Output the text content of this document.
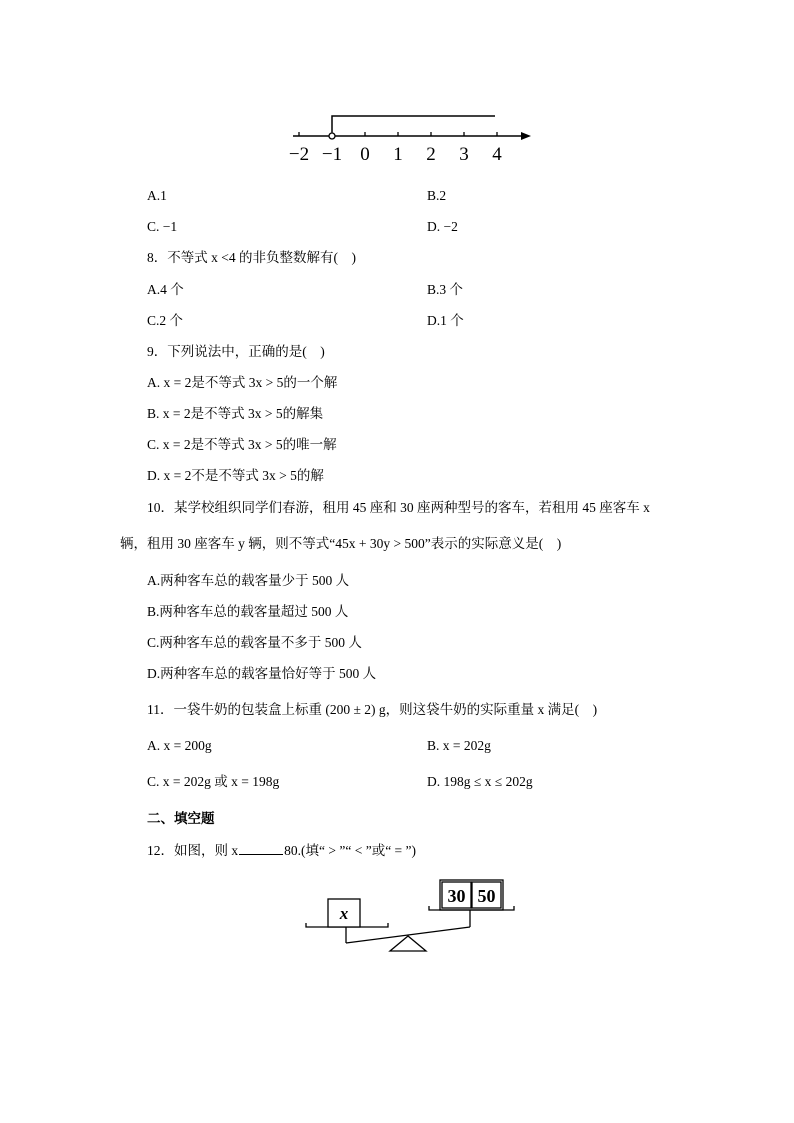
−2 −1 0 1 2 3 4
A.1	B.2
C. −1	D. −2
8．不等式 x <4 的非负整数解有(　)
A.4 个	B.3 个
C.2 个	D.1 个
9．下列说法中，正确的是(　)
A. x = 2是不等式 3x > 5的一个解
B. x = 2是不等式 3x > 5的解集
C. x = 2是不等式 3x > 5的唯一解
D. x = 2不是不等式 3x > 5的解
10．某学校组织同学们春游，租用 45 座和 30 座两种型号的客车，若租用 45 座客车 x
辆，租用 30 座客车 y 辆，则不等式“45x + 30y > 500”表示的实际意义是(　)
A.两种客车总的载客量少于 500 人
B.两种客车总的载客量超过 500 人
C.两种客车总的载客量不多于 500 人
D.两种客车总的载客量恰好等于 500 人
11．一袋牛奶的包装盒上标重 (200 ± 2) g，则这袋牛奶的实际重量 x 满足(　)
A. x = 200g	B. x = 202g
C. x = 202g 或 x = 198g	D. 198g ≤ x ≤ 202g
二、填空题
12．如图，则 x	80.(填“ > ”“ < ”或“ = ”)
x
30 50
